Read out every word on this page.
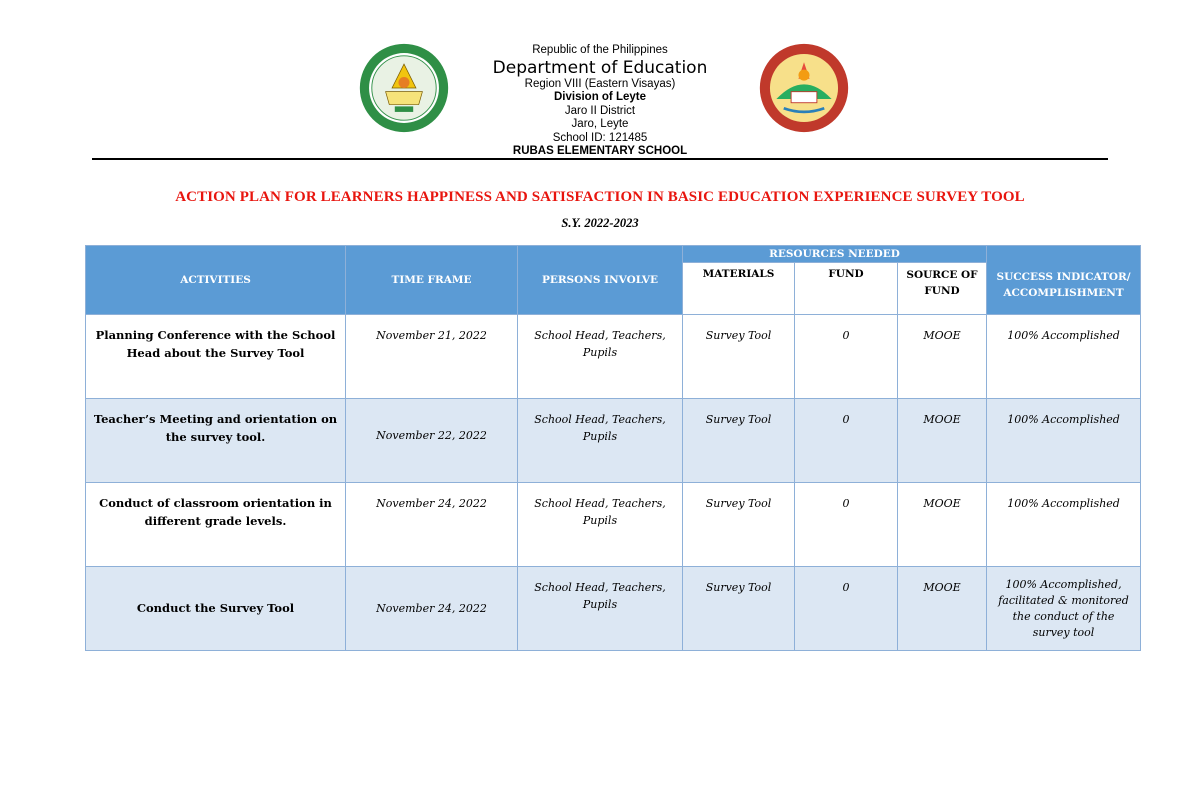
Republic of the Philippines
Department of Education
Region VIII (Eastern Visayas)
Division of Leyte
Jaro II District
Jaro, Leyte
School ID: 121485
RUBAS ELEMENTARY SCHOOL
ACTION PLAN FOR LEARNERS HAPPINESS AND SATISFACTION IN BASIC EDUCATION EXPERIENCE SURVEY TOOL
S.Y. 2022-2023
ACTIVITIES	TIME FRAME	PERSONS INVOLVE	RESOURCES NEEDED			SUCCESS INDICATOR/ ACCOMPLISHMENT
			MATERIALS	FUND	SOURCE OF FUND	
Planning Conference with the School Head about the Survey Tool	November 21, 2022	School Head, Teachers, Pupils	Survey Tool	0	MOOE	100% Accomplished
Teacher’s Meeting and orientation on the survey tool.	November 22, 2022	School Head, Teachers, Pupils	Survey Tool	0	MOOE	100% Accomplished
Conduct of classroom orientation in different grade levels.	November 24, 2022	School Head, Teachers, Pupils	Survey Tool	0	MOOE	100% Accomplished
Conduct the Survey Tool	November 24, 2022	School Head, Teachers, Pupils	Survey Tool	0	MOOE	100% Accomplished, facilitated & monitored the conduct of the survey tool
